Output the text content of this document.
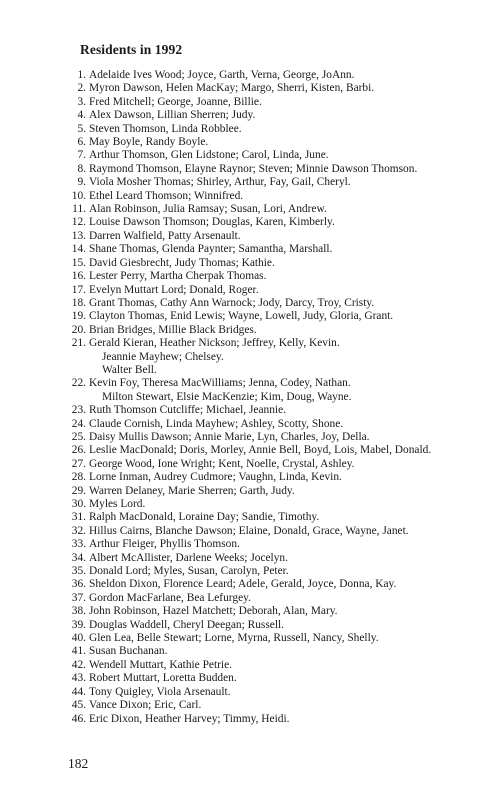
Residents in 1992
1. Adelaide Ives Wood; Joyce, Garth, Verna, George, JoAnn.
2. Myron Dawson, Helen MacKay; Margo, Sherri, Kisten, Barbi.
3. Fred Mitchell; George, Joanne, Billie.
4. Alex Dawson, Lillian Sherren; Judy.
5. Steven Thomson, Linda Robblee.
6. May Boyle, Randy Boyle.
7. Arthur Thomson, Glen Lidstone; Carol, Linda, June.
8. Raymond Thomson, Elayne Raynor; Steven; Minnie Dawson Thomson.
9. Viola Mosher Thomas; Shirley, Arthur, Fay, Gail, Cheryl.
10. Ethel Leard Thomson; Winnifred.
11. Alan Robinson, Julia Ramsay; Susan, Lori, Andrew.
12. Louise Dawson Thomson; Douglas, Karen, Kimberly.
13. Darren Walfield, Patty Arsenault.
14. Shane Thomas, Glenda Paynter; Samantha, Marshall.
15. David Giesbrecht, Judy Thomas; Kathie.
16. Lester Perry, Martha Cherpak Thomas.
17. Evelyn Muttart Lord; Donald, Roger.
18. Grant Thomas, Cathy Ann Warnock; Jody, Darcy, Troy, Cristy.
19. Clayton Thomas, Enid Lewis; Wayne, Lowell, Judy, Gloria, Grant.
20. Brian Bridges, Millie Black Bridges.
21. Gerald Kieran, Heather Nickson; Jeffrey, Kelly, Kevin.
Jeannie Mayhew; Chelsey.
Walter Bell.
22. Kevin Foy, Theresa MacWilliams; Jenna, Codey, Nathan.
Milton Stewart, Elsie MacKenzie; Kim, Doug, Wayne.
23. Ruth Thomson Cutcliffe; Michael, Jeannie.
24. Claude Cornish, Linda Mayhew; Ashley, Scotty, Shone.
25. Daisy Mullis Dawson; Annie Marie, Lyn, Charles, Joy, Della.
26. Leslie MacDonald; Doris, Morley, Annie Bell, Boyd, Lois, Mabel, Donald.
27. George Wood, Ione Wright; Kent, Noelle, Crystal, Ashley.
28. Lorne Inman, Audrey Cudmore; Vaughn, Linda, Kevin.
29. Warren Delaney, Marie Sherren; Garth, Judy.
30. Myles Lord.
31. Ralph MacDonald, Loraine Day; Sandie, Timothy.
32. Hillus Cairns, Blanche Dawson; Elaine, Donald, Grace, Wayne, Janet.
33. Arthur Fleiger, Phyllis Thomson.
34. Albert McAllister, Darlene Weeks; Jocelyn.
35. Donald Lord; Myles, Susan, Carolyn, Peter.
36. Sheldon Dixon, Florence Leard; Adele, Gerald, Joyce, Donna, Kay.
37. Gordon MacFarlane, Bea Lefurgey.
38. John Robinson, Hazel Matchett; Deborah, Alan, Mary.
39. Douglas Waddell, Cheryl Deegan; Russell.
40. Glen Lea, Belle Stewart; Lorne, Myrna, Russell, Nancy, Shelly.
41. Susan Buchanan.
42. Wendell Muttart, Kathie Petrie.
43. Robert Muttart, Loretta Budden.
44. Tony Quigley, Viola Arsenault.
45. Vance Dixon; Eric, Carl.
46. Eric Dixon, Heather Harvey; Timmy, Heidi.
182
